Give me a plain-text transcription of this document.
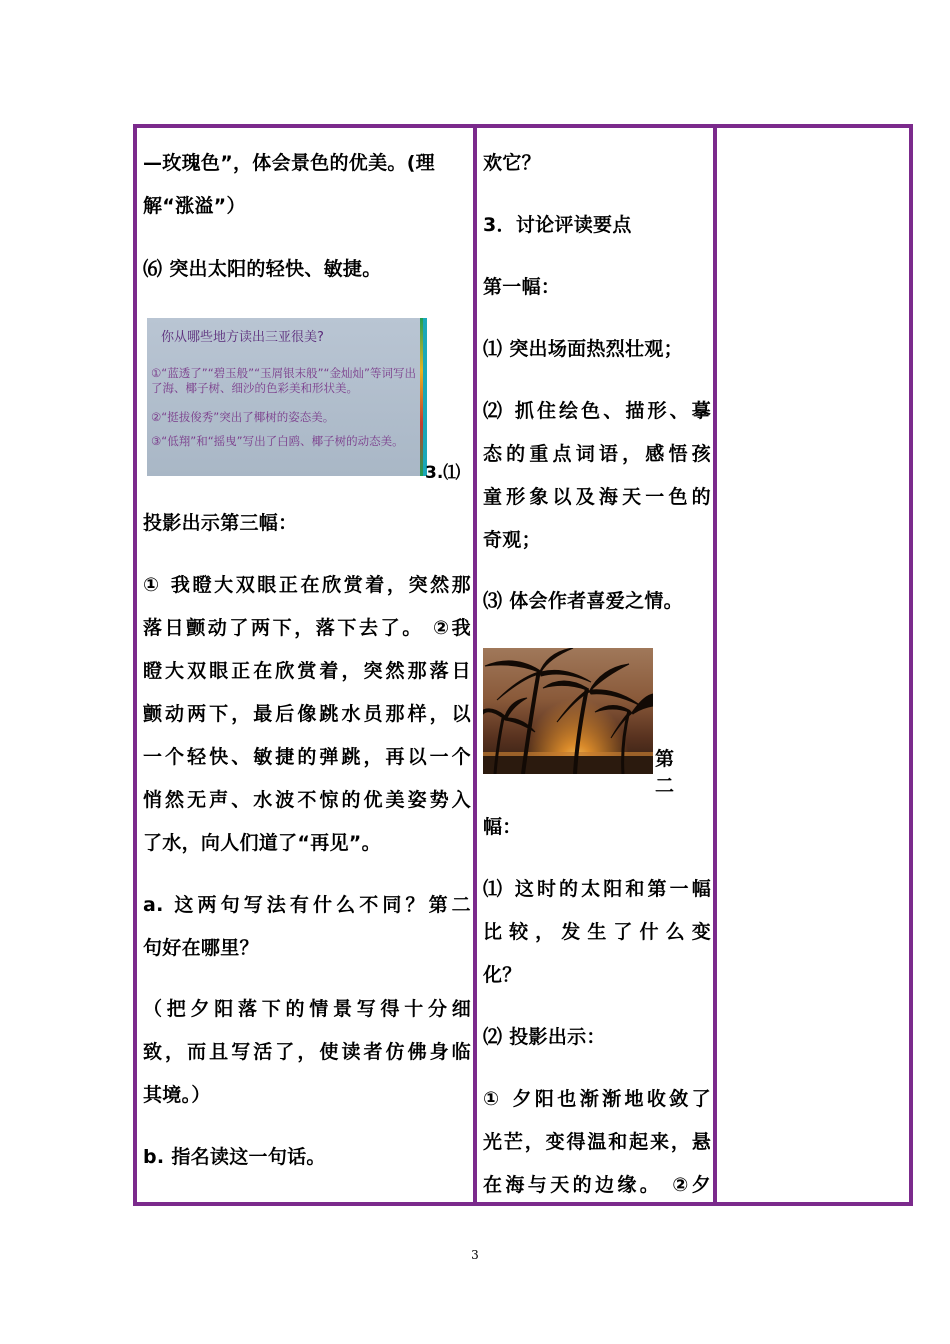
—玫瑰色”，体会景色的优美。(理

解“涨溢”）

⑹ 突出太阳的轻快、敏捷。

你从哪些地方读出三亚很美?
①“蓝透了”“碧玉般”“玉屑银末般”“金灿灿”等词写出了海、椰子树、细沙的色彩美和形状美。
②“挺拔俊秀”突出了椰树的姿态美。
③“低翔”和“摇曳”写出了白鸥、椰子树的动态美。
3.⑴

投影出示第三幅：

① 我瞪大双眼正在欣赏着，突然那

落日颤动了两下，落下去了。 ②我

瞪大双眼正在欣赏着，突然那落日

颤动两下，最后像跳水员那样，以

一个轻快、敏捷的弹跳，再以一个

悄然无声、水波不惊的优美姿势入

了水，向人们道了“再见”。

a. 这两句写法有什么不同？第二

句好在哪里？

（把夕阳落下的情景写得十分细

致，而且写活了，使读者仿佛身临

其境。）

b. 指名读这一句话。

欢它？

3．讨论评读要点

第一幅：

⑴ 突出场面热烈壮观；

⑵ 抓住绘色、描形、摹

态的重点词语，感悟孩

童形象以及海天一色的

奇观；

⑶ 体会作者喜爱之情。

第二

幅：

⑴ 这时的太阳和第一幅

比较，发生了什么变

化？

⑵ 投影出示：

① 夕阳也渐渐地收敛了

光芒，变得温和起来，悬

在海与天的边缘。 ②夕

3
